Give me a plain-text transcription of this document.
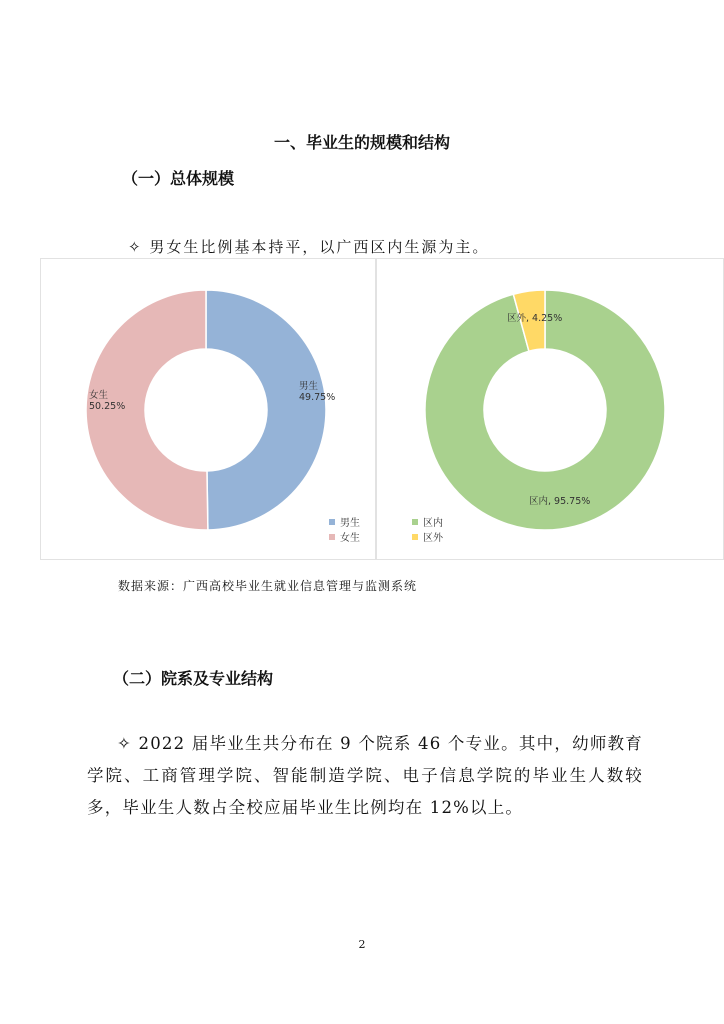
一、毕业生的规模和结构
（一）总体规模
✧ 男女生比例基本持平，以广西区内生源为主。
男生
49.75%
女生
50.25%
男生
女生
区内, 95.75%
区外, 4.25%
区内
区外
数据来源：广西高校毕业生就业信息管理与监测系统
（二）院系及专业结构
✧ 2022 届毕业生共分布在 9 个院系 46 个专业。其中，幼师教育学院、工商管理学院、智能制造学院、电子信息学院的毕业生人数较多，毕业生人数占全校应届毕业生比例均在 12%以上。
2
